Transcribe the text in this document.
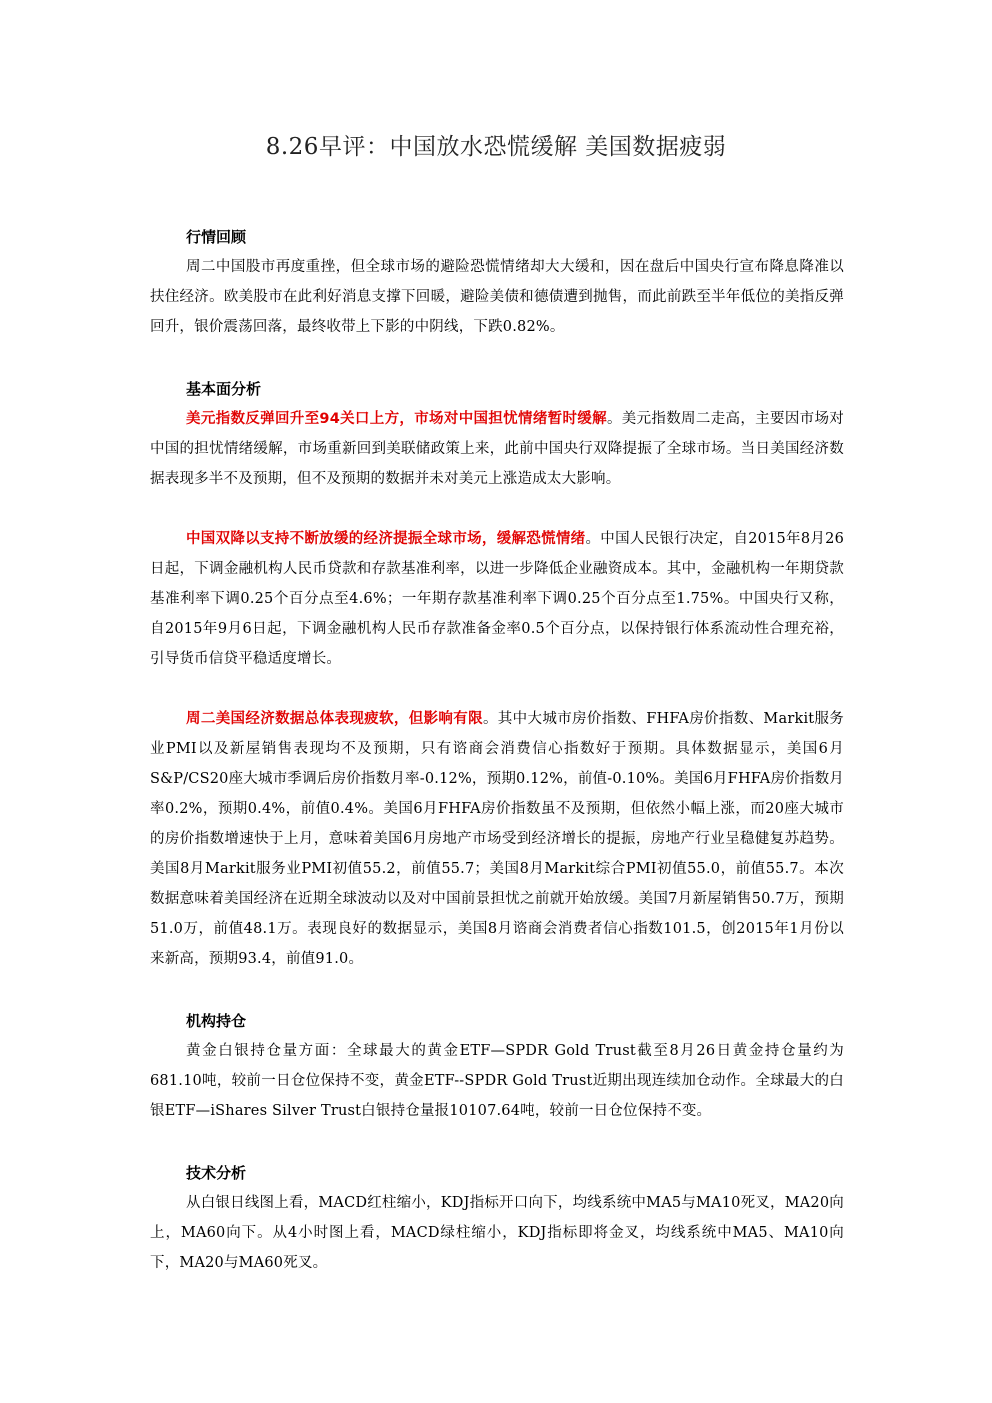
8.26早评：中国放水恐慌缓解 美国数据疲弱
行情回顾

周二中国股市再度重挫，但全球市场的避险恐慌情绪却大大缓和，因在盘后中国央行宣布降息降准以扶住经济。欧美股市在此利好消息支撑下回暖，避险美债和德债遭到抛售，而此前跌至半年低位的美指反弹回升，银价震荡回落，最终收带上下影的中阴线，下跌0.82%。

基本面分析

美元指数反弹回升至94关口上方，市场对中国担忧情绪暂时缓解。美元指数周二走高，主要因市场对中国的担忧情绪缓解，市场重新回到美联储政策上来，此前中国央行双降提振了全球市场。当日美国经济数据表现多半不及预期，但不及预期的数据并未对美元上涨造成太大影响。

中国双降以支持不断放缓的经济提振全球市场，缓解恐慌情绪。中国人民银行决定，自2015年8月26日起，下调金融机构人民币贷款和存款基准利率，以进一步降低企业融资成本。其中，金融机构一年期贷款基准利率下调0.25个百分点至4.6%；一年期存款基准利率下调0.25个百分点至1.75%。中国央行又称，自2015年9月6日起，下调金融机构人民币存款准备金率0.5个百分点，以保持银行体系流动性合理充裕，引导货币信贷平稳适度增长。

周二美国经济数据总体表现疲软，但影响有限。其中大城市房价指数、FHFA房价指数、Markit服务业PMI以及新屋销售表现均不及预期，只有谘商会消费信心指数好于预期。具体数据显示，美国6月S&P/CS20座大城市季调后房价指数月率-0.12%，预期0.12%，前值-0.10%。美国6月FHFA房价指数月率0.2%，预期0.4%，前值0.4%。美国6月FHFA房价指数虽不及预期，但依然小幅上涨，而20座大城市的房价指数增速快于上月，意味着美国6月房地产市场受到经济增长的提振，房地产行业呈稳健复苏趋势。美国8月Markit服务业PMI初值55.2，前值55.7；美国8月Markit综合PMI初值55.0，前值55.7。本次数据意味着美国经济在近期全球波动以及对中国前景担忧之前就开始放缓。美国7月新屋销售50.7万，预期51.0万，前值48.1万。表现良好的数据显示，美国8月谘商会消费者信心指数101.5，创2015年1月份以来新高，预期93.4，前值91.0。

机构持仓

黄金白银持仓量方面：全球最大的黄金ETF—SPDR Gold Trust截至8月26日黄金持仓量约为681.10吨，较前一日仓位保持不变，黄金ETF--SPDR Gold Trust近期出现连续加仓动作。全球最大的白银ETF—iShares Silver Trust白银持仓量报10107.64吨，较前一日仓位保持不变。

技术分析

从白银日线图上看，MACD红柱缩小，KDJ指标开口向下，均线系统中MA5与MA10死叉，MA20向上，MA60向下。从4小时图上看，MACD绿柱缩小，KDJ指标即将金叉，均线系统中MA5、MA10向下，MA20与MA60死叉。
